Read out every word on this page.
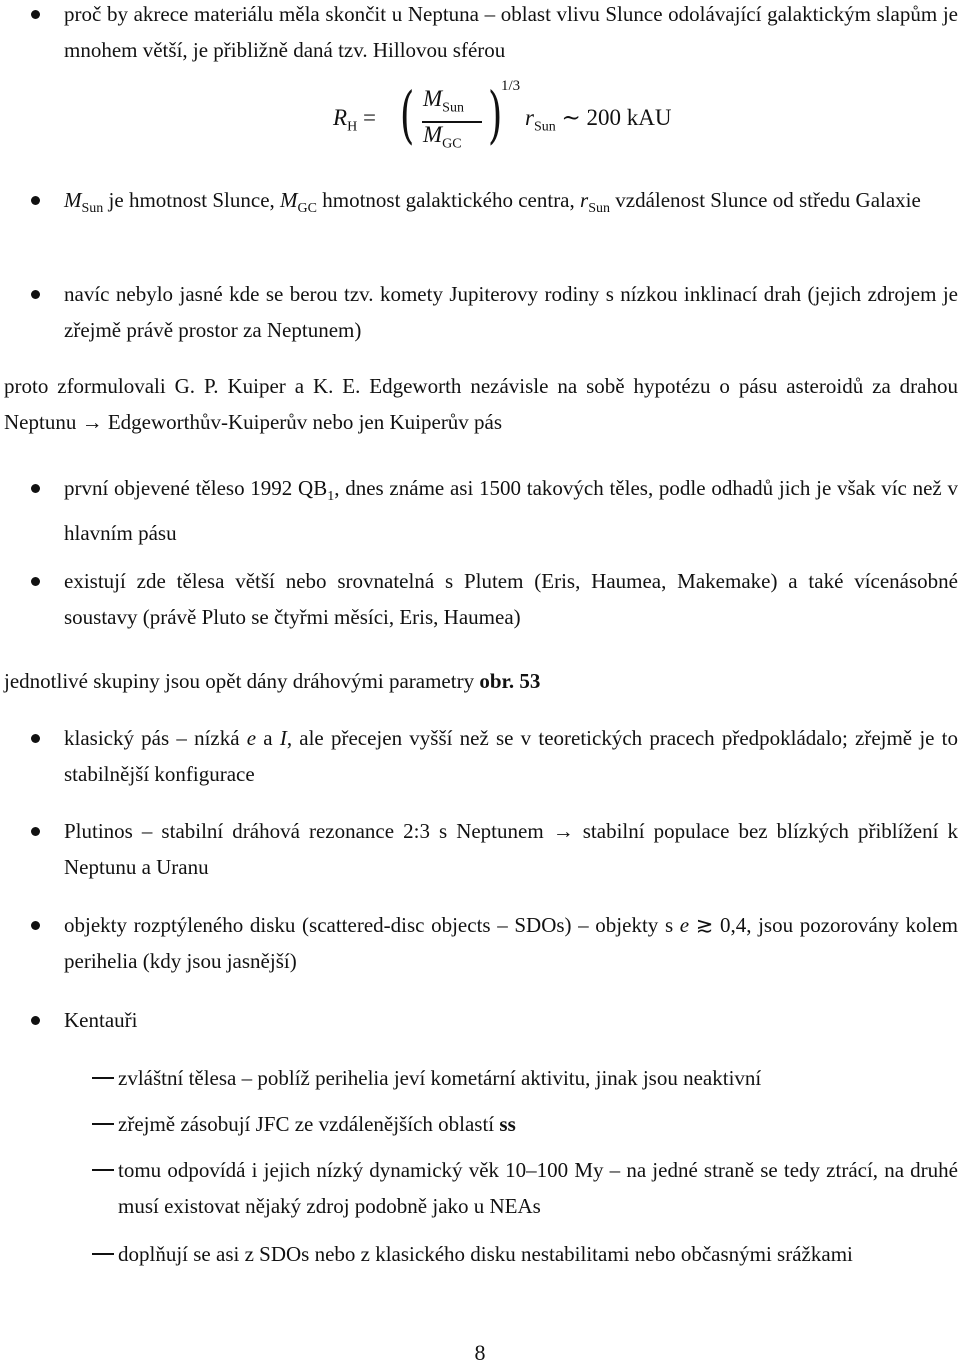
proč by akrece materiálu měla skončit u Neptuna – oblast vlivu Slunce odolávající galaktickým slapům je mnohem větší, je přibližně daná tzv. Hillovou sférou
$R_H$ = ( $M_{Sun}$
$M_{GC}$ )
1/3
$r_{Sun}$ ∼ 200 kAU
$M_{Sun}$ je hmotnost Slunce, $M_{GC}$ hmotnost galaktického centra, $r_{Sun}$ vzdálenost Slunce od středu Galaxie
navíc nebylo jasné kde se berou tzv. komety Jupiterovy rodiny s nízkou inklinací drah (jejich zdrojem je zřejmě právě prostor za Neptunem)
proto zformulovali G. P. Kuiper a K. E. Edgeworth nezávisle na sobě hypotézu o pásu asteroidů za drahou Neptunu → Edgeworthův-Kuiperův nebo jen Kuiperův pás
první objevené těleso 1992 $QB_1$, dnes známe asi 1500 takových těles, podle odhadů jich je však víc než v hlavním pásu
existují zde tělesa větší nebo srovnatelná s Plutem (Eris, Haumea, Makemake) a také vícenásobné soustavy (právě Pluto se čtyřmi měsíci, Eris, Haumea)
jednotlivé skupiny jsou opět dány dráhovými parametry obr. 53
klasický pás – nízká e a I, ale přecejen vyšší než se v teoretických pracech předpokládalo; zřejmě je to stabilnější konfigurace
Plutinos – stabilní dráhová rezonance 2:3 s Neptunem → stabilní populace bez blízkých přiblížení k Neptunu a Uranu
objekty rozptýleného disku (scattered-disc objects – SDOs) – objekty s e ≳ 0,4, jsou pozorovány kolem perihelia (kdy jsou jasnější)
Kentauři
zvláštní tělesa – poblíž perihelia jeví kometární aktivitu, jinak jsou neaktivní
zřejmě zásobují JFC ze vzdálenějších oblastí ss
tomu odpovídá i jejich nízký dynamický věk 10–100 My – na jedné straně se tedy ztrácí, na druhé musí existovat nějaký zdroj podobně jako u NEAs
doplňují se asi z SDOs nebo z klasického disku nestabilitami nebo občasnými srážkami
8
